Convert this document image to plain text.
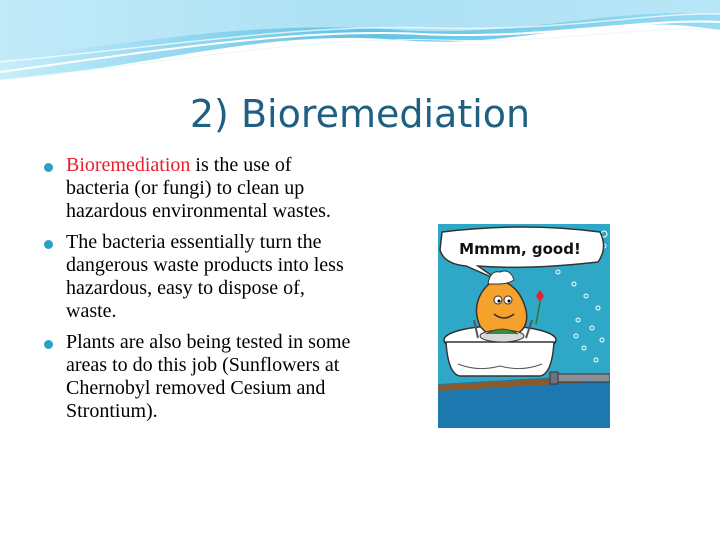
2) Bioremediation
Bioremediation is the use of bacteria (or fungi) to clean up hazardous environmental wastes.
The bacteria essentially turn the dangerous waste products into less hazardous, easy to dispose of, waste.
Plants are also being tested in some areas to do this job (Sunflowers at Chernobyl removed Cesium and Strontium).
Mmmm, good!
